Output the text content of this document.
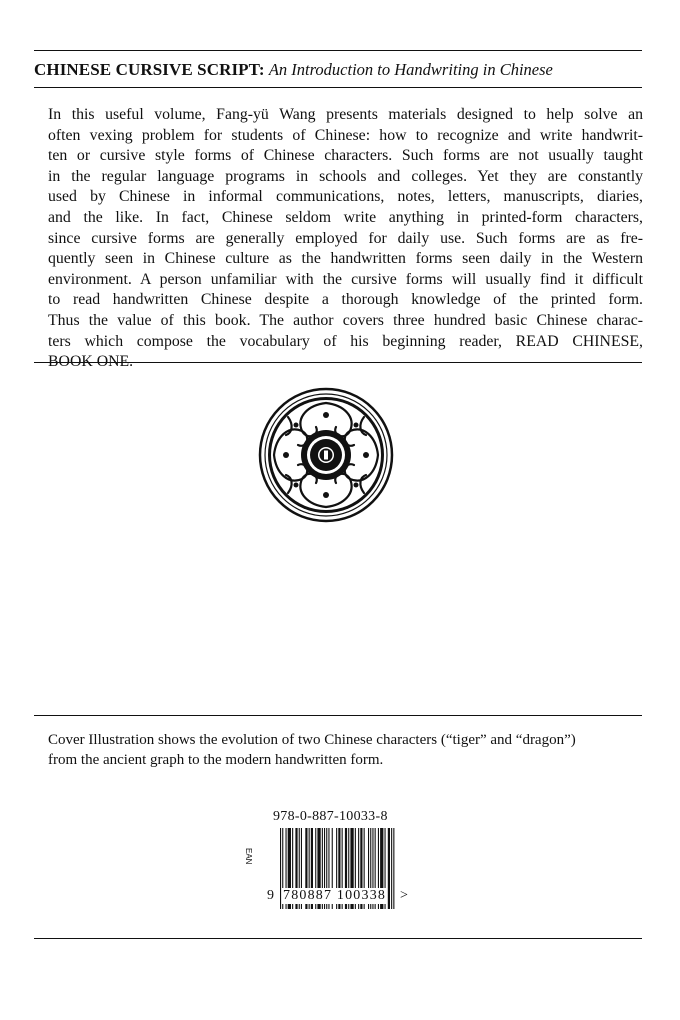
CHINESE CURSIVE SCRIPT: An Introduction to Handwriting in Chinese
In this useful volume, Fang-yü Wang presents materials designed to help solve an
often vexing problem for students of Chinese: how to recognize and write handwrit-
ten or cursive style forms of Chinese characters. Such forms are not usually taught
in the regular language programs in schools and colleges. Yet they are constantly
used by Chinese in informal communications, notes, letters, manuscripts, diaries,
and the like. In fact, Chinese seldom write anything in printed-form characters,
since cursive forms are generally employed for daily use. Such forms are as fre-
quently seen in Chinese culture as the handwritten forms seen daily in the Western
environment. A person unfamiliar with the cursive forms will usually find it difficult
to read handwritten Chinese despite a thorough knowledge of the printed form.
Thus the value of this book. The author covers three hundred basic Chinese charac-
ters which compose the vocabulary of his beginning reader, READ CHINESE,
BOOK ONE.
Cover Illustration shows the evolution of two Chinese characters (“tiger” and “dragon”)
from the ancient graph to the modern handwritten form.
978-0-887-10033-8
EAN
9 780887 100338 >
